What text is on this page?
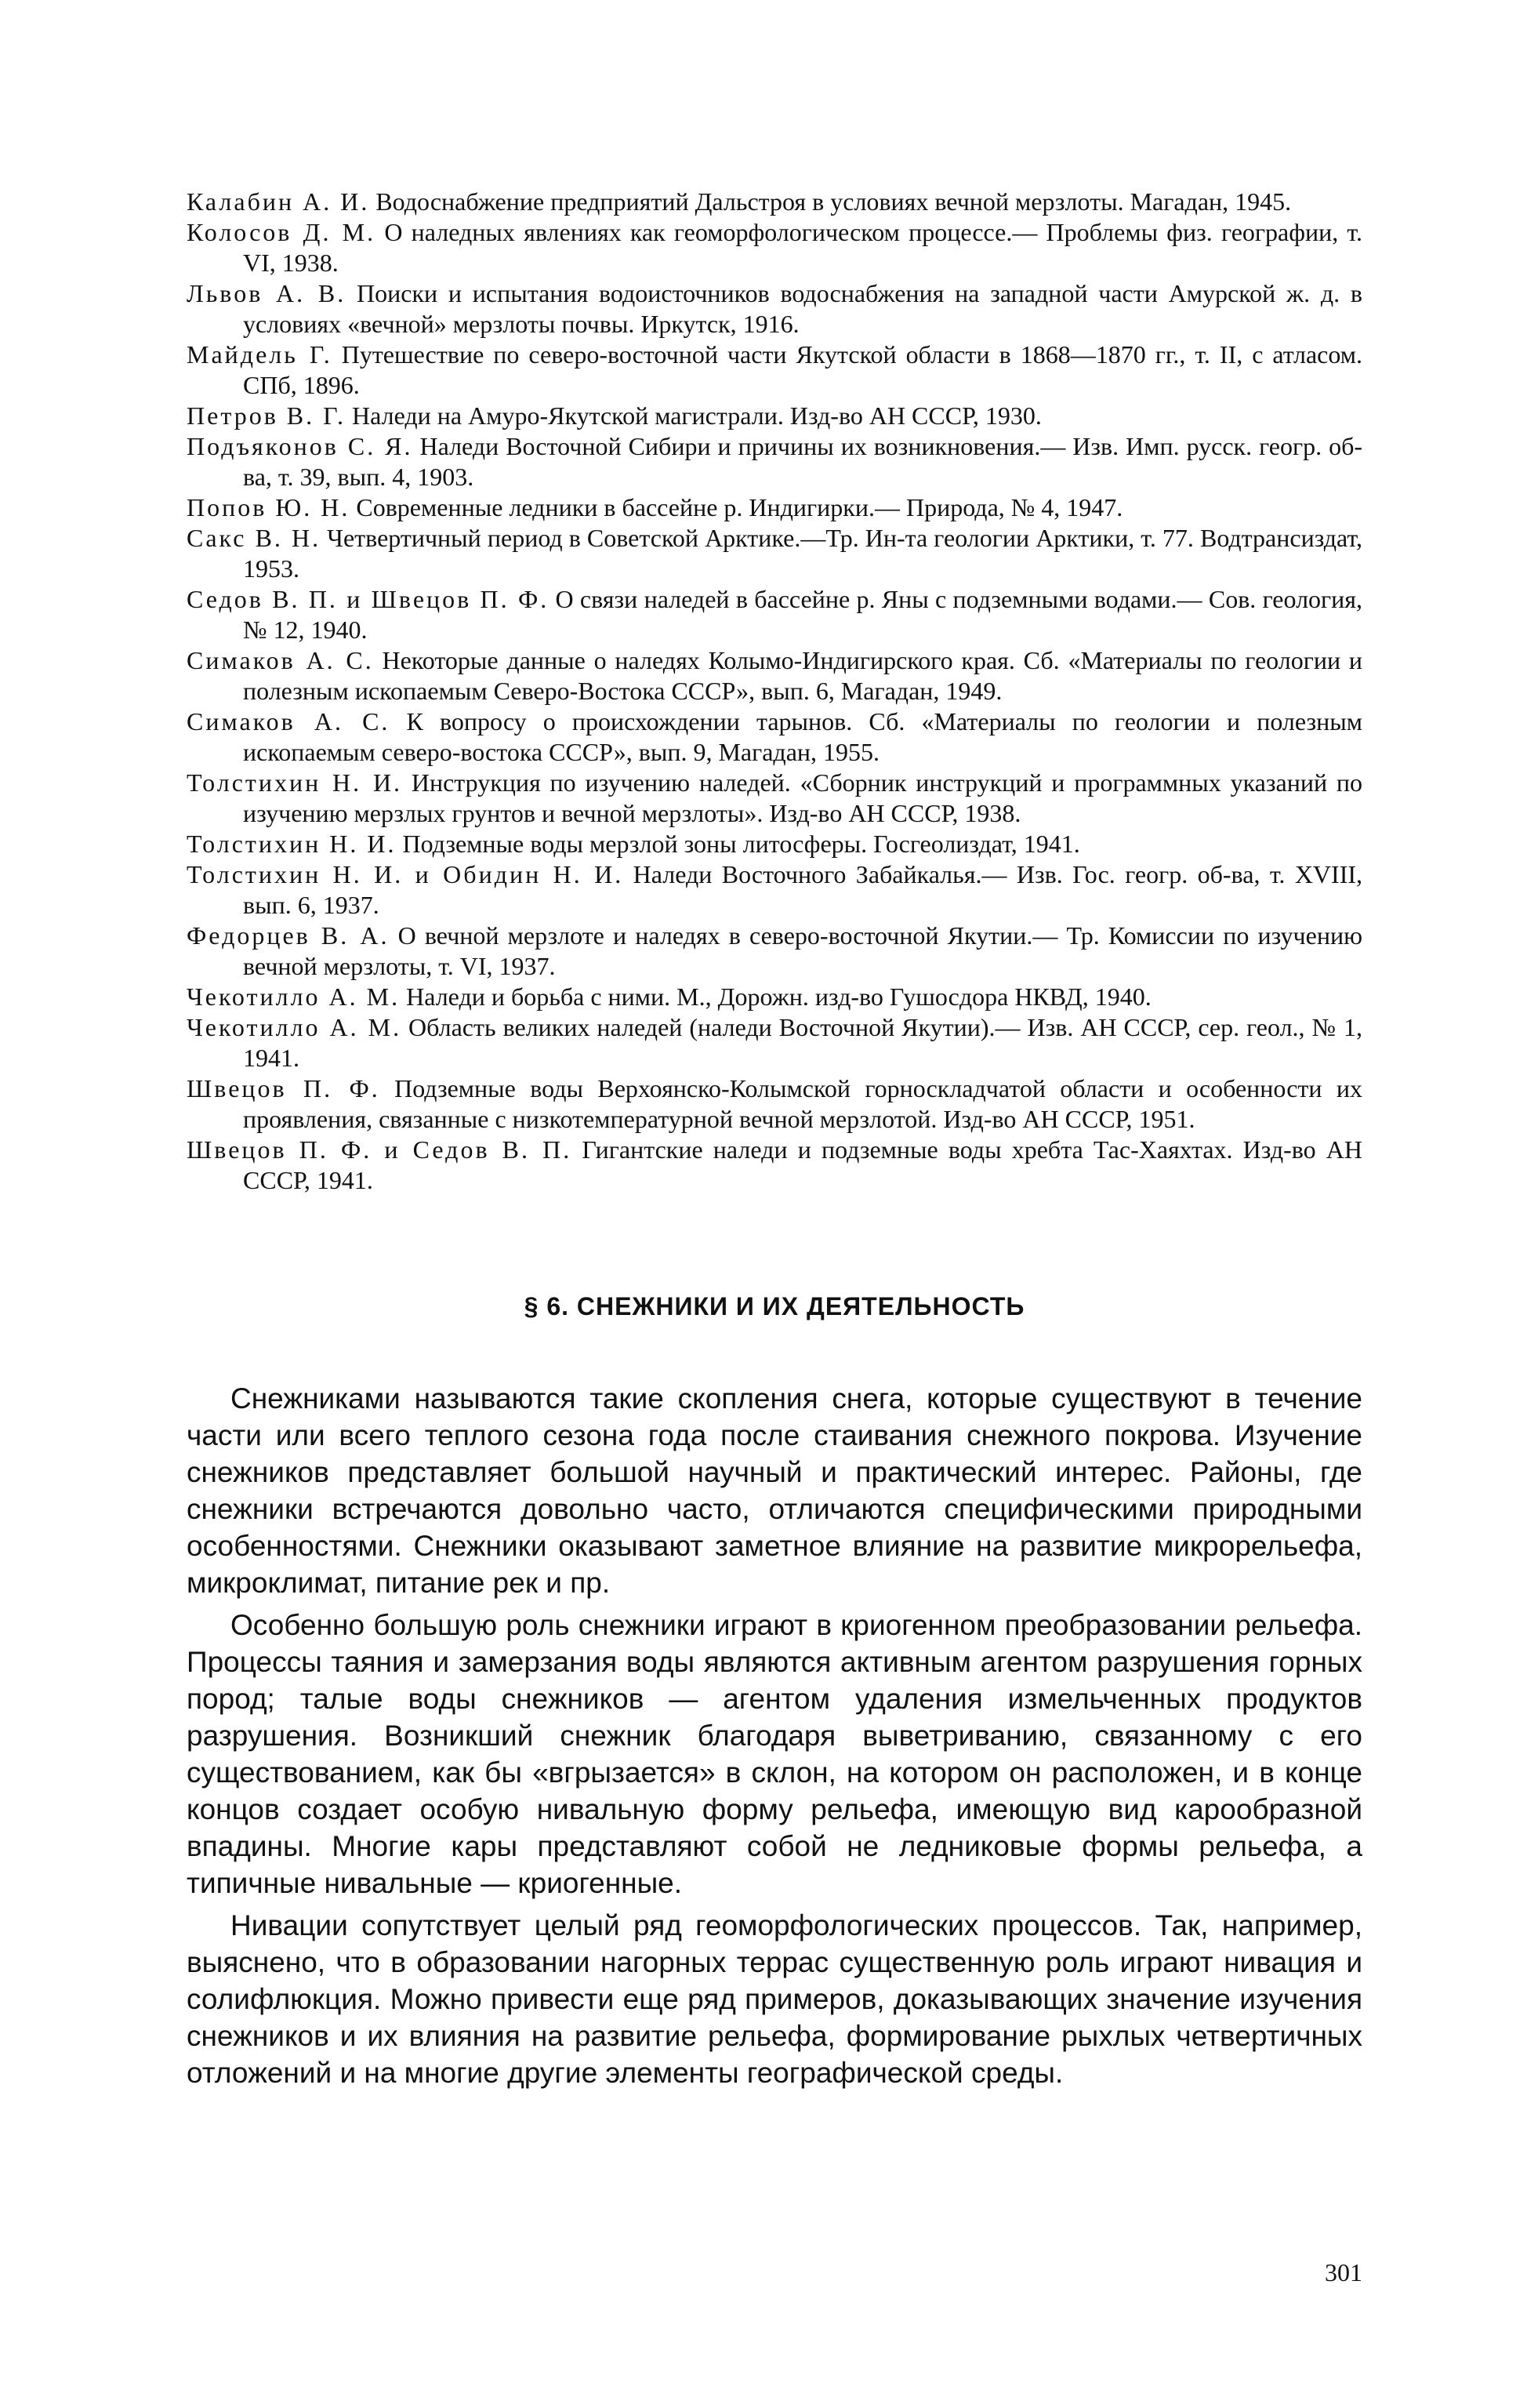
Калабин А. И. Водоснабжение предприятий Дальстроя в условиях вечной мерзлоты. Магадан, 1945.
Колосов Д. М. О наледных явлениях как геоморфологическом процессе.— Проблемы физ. географии, т. VI, 1938.
Львов А. В. Поиски и испытания водоисточников водоснабжения на западной части Амурской ж. д. в условиях «вечной» мерзлоты почвы. Иркутск, 1916.
Майдель Г. Путешествие по северо-восточной части Якутской области в 1868—1870 гг., т. II, с атласом. СПб, 1896.
Петров В. Г. Наледи на Амуро-Якутской магистрали. Изд-во АН СССР, 1930.
Подъяконов С. Я. Наледи Восточной Сибири и причины их возникновения.— Изв. Имп. русск. геогр. об-ва, т. 39, вып. 4, 1903.
Попов Ю. Н. Современные ледники в бассейне р. Индигирки.— Природа, № 4, 1947.
Сакс В. Н. Четвертичный период в Советской Арктике.—Тр. Ин-та геологии Арктики, т. 77. Водтрансиздат, 1953.
Седов В. П. и Швецов П. Ф. О связи наледей в бассейне р. Яны с подземными водами.— Сов. геология, № 12, 1940.
Симаков А. С. Некоторые данные о наледях Колымо-Индигирского края. Сб. «Материалы по геологии и полезным ископаемым Северо-Востока СССР», вып. 6, Магадан, 1949.
Симаков А. С. К вопросу о происхождении тарынов. Сб. «Материалы по геологии и полезным ископаемым северо-востока СССР», вып. 9, Магадан, 1955.
Толстихин Н. И. Инструкция по изучению наледей. «Сборник инструкций и программных указаний по изучению мерзлых грунтов и вечной мерзлоты». Изд-во АН СССР, 1938.
Толстихин Н. И. Подземные воды мерзлой зоны литосферы. Госгеолиздат, 1941.
Толстихин Н. И. и Обидин Н. И. Наледи Восточного Забайкалья.— Изв. Гос. геогр. об-ва, т. XVIII, вып. 6, 1937.
Федорцев В. А. О вечной мерзлоте и наледях в северо-восточной Якутии.— Тр. Комиссии по изучению вечной мерзлоты, т. VI, 1937.
Чекотилло А. М. Наледи и борьба с ними. М., Дорожн. изд-во Гушосдора НКВД, 1940.
Чекотилло А. М. Область великих наледей (наледи Восточной Якутии).— Изв. АН СССР, сер. геол., № 1, 1941.
Швецов П. Ф. Подземные воды Верхоянско-Колымской горноскладчатой области и особенности их проявления, связанные с низкотемпературной вечной мерзлотой. Изд-во АН СССР, 1951.
Швецов П. Ф. и Седов В. П. Гигантские наледи и подземные воды хребта Тас-Хаяхтах. Изд-во АН СССР, 1941.
§ 6. СНЕЖНИКИ И ИХ ДЕЯТЕЛЬНОСТЬ

Снежниками называются такие скопления снега, которые существуют в течение части или всего теплого сезона года после стаивания снежного покрова. Изучение снежников представляет большой научный и практический интерес. Районы, где снежники встречаются довольно часто, отличаются специфическими природными особенностями. Снежники оказывают заметное влияние на развитие микрорельефа, микроклимат, питание рек и пр.

Особенно большую роль снежники играют в криогенном преобразовании рельефа. Процессы таяния и замерзания воды являются активным агентом разрушения горных пород; талые воды снежников — агентом удаления измельченных продуктов разрушения. Возникший снежник благодаря выветриванию, связанному с его существованием, как бы «вгрызается» в склон, на котором он расположен, и в конце концов создает особую нивальную форму рельефа, имеющую вид карообразной впадины. Многие кары представляют собой не ледниковые формы рельефа, а типичные нивальные — криогенные.

Нивации сопутствует целый ряд геоморфологических процессов. Так, например, выяснено, что в образовании нагорных террас существенную роль играют нивация и солифлюкция. Можно привести еще ряд примеров, доказывающих значение изучения снежников и их влияния на развитие рельефа, формирование рыхлых четвертичных отложений и на многие другие элементы географической среды.

301
